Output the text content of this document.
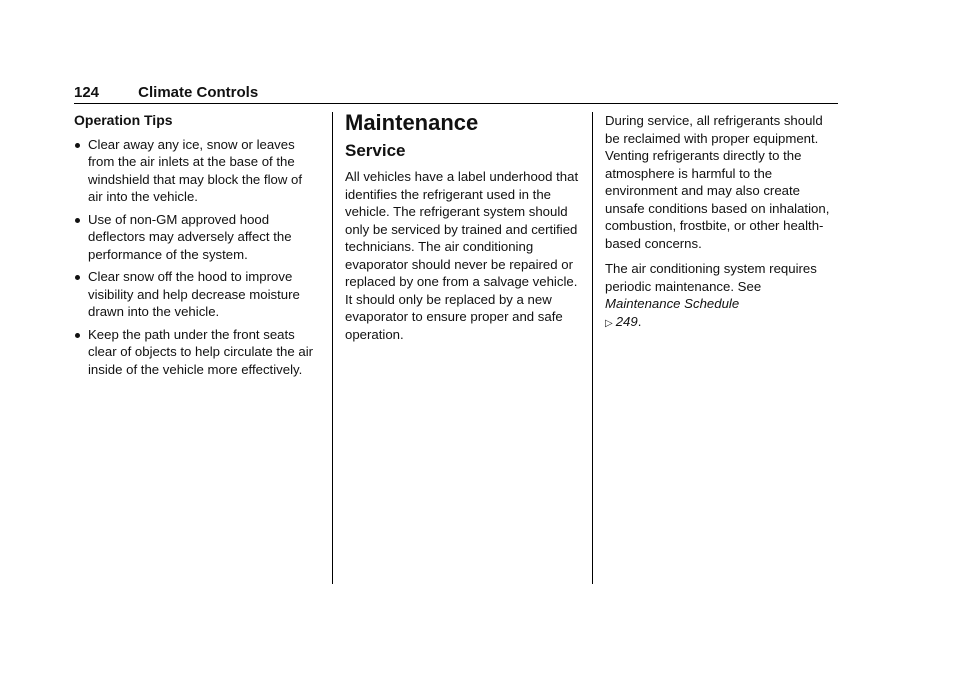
124	Climate Controls
Operation Tips
Clear away any ice, snow or leaves from the air inlets at the base of the windshield that may block the flow of air into the vehicle.
Use of non-GM approved hood deflectors may adversely affect the performance of the system.
Clear snow off the hood to improve visibility and help decrease moisture drawn into the vehicle.
Keep the path under the front seats clear of objects to help circulate the air inside of the vehicle more effectively.
Maintenance
Service

All vehicles have a label underhood that identifies the refrigerant used in the vehicle. The refrigerant system should only be serviced by trained and certified technicians. The air conditioning evaporator should never be repaired or replaced by one from a salvage vehicle. It should only be replaced by a new evaporator to ensure proper and safe operation.

During service, all refrigerants should be reclaimed with proper equipment. Venting refrigerants directly to the atmosphere is harmful to the environment and may also create unsafe conditions based on inhalation, combustion, frostbite, or other health-based concerns.

The air conditioning system requires periodic maintenance. See Maintenance Schedule
▷ 249.
